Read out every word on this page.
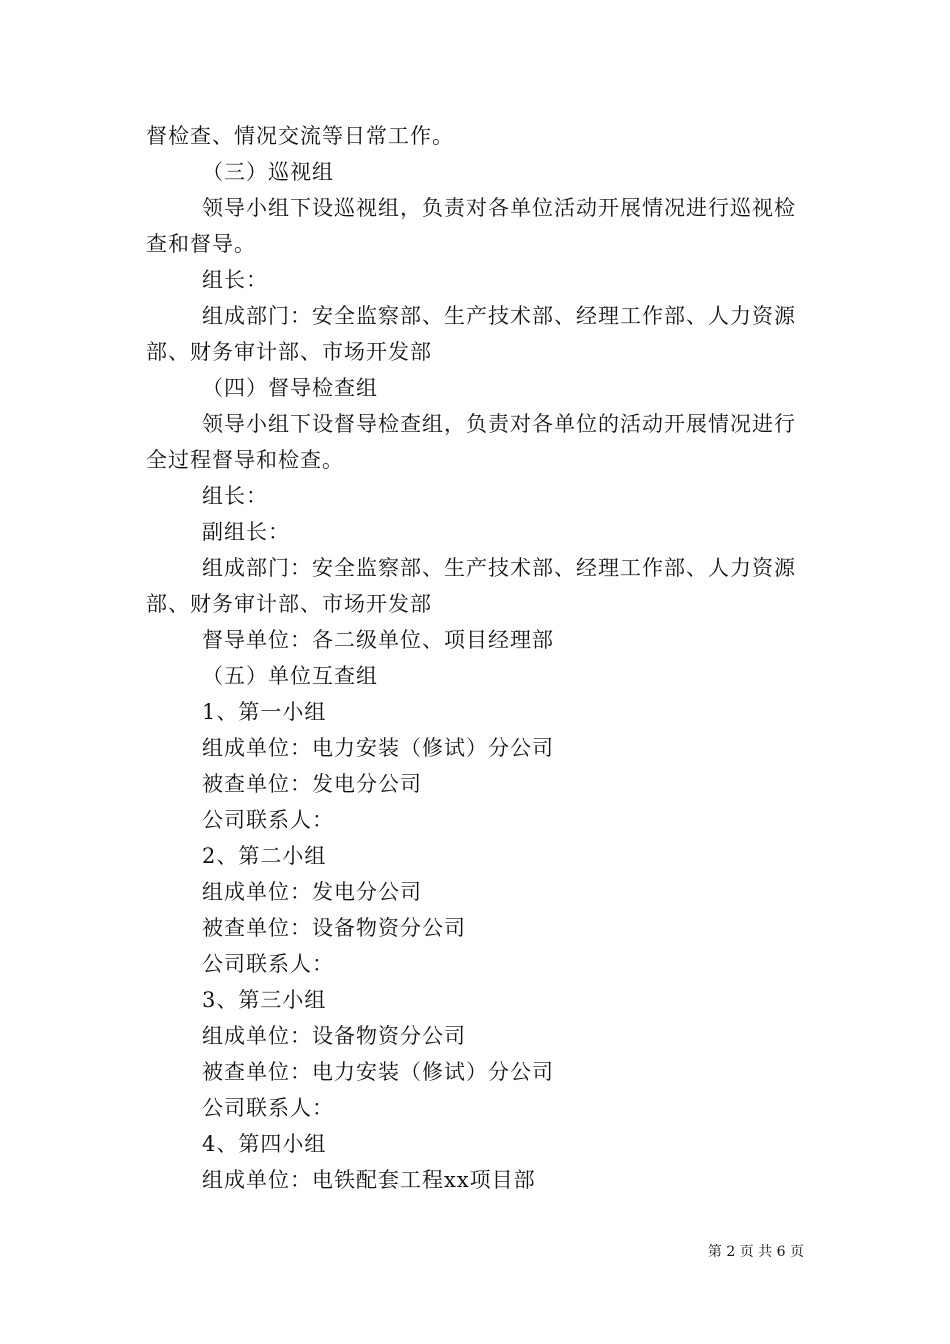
督检查、情况交流等日常工作。
（三）巡视组
领导小组下设巡视组，负责对各单位活动开展情况进行巡视检
查和督导。
组长：
组成部门：安全监察部、生产技术部、经理工作部、人力资源
部、财务审计部、市场开发部
（四）督导检查组
领导小组下设督导检查组，负责对各单位的活动开展情况进行
全过程督导和检查。
组长：
副组长：
组成部门：安全监察部、生产技术部、经理工作部、人力资源
部、财务审计部、市场开发部
督导单位：各二级单位、项目经理部
（五）单位互查组
1、第一小组
组成单位：电力安装（修试）分公司
被查单位：发电分公司
公司联系人：
2、第二小组
组成单位：发电分公司
被查单位：设备物资分公司
公司联系人：
3、第三小组
组成单位：设备物资分公司
被查单位：电力安装（修试）分公司
公司联系人：
4、第四小组
组成单位：电铁配套工程xx项目部
第 2 页 共 6 页
